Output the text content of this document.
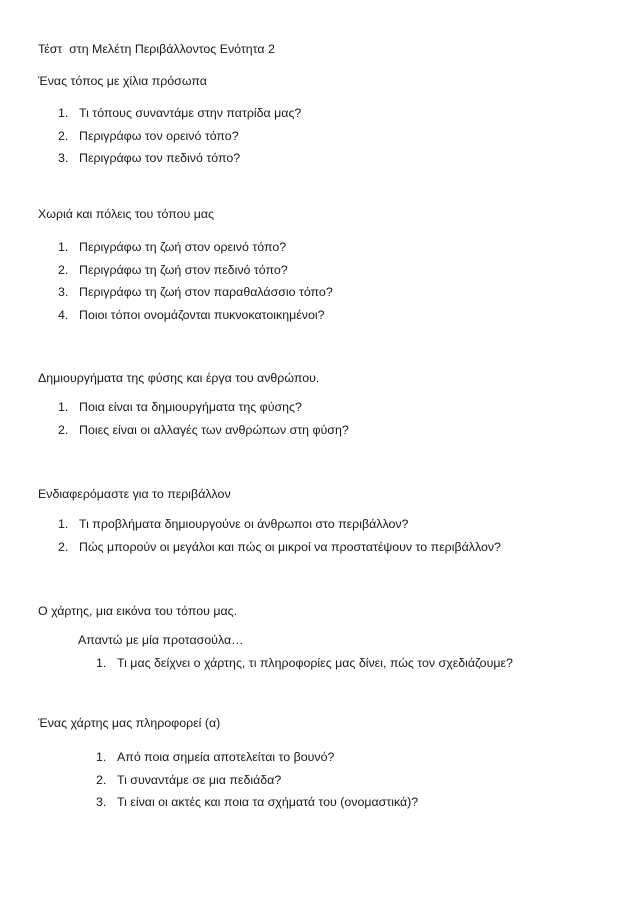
Τέστ  στη Μελέτη Περιβάλλοντος Ενότητα 2

Ένας τόπος με χίλια πρόσωπα

1. Τι τόπους συναντάμε στην πατρίδα μας?
2. Περιγράφω τον ορεινό τόπο?
3. Περιγράφω τον πεδινό τόπο?

Χωριά και πόλεις του τόπου μας

1. Περιγράφω τη ζωή στον ορεινό τόπο?
2. Περιγράφω τη ζωή στον πεδινό τόπο?
3. Περιγράφω τη ζωή στον παραθαλάσσιο τόπο?
4. Ποιοι τόποι ονομάζονται πυκνοκατοικημένοι?

Δημιουργήματα της φύσης και έργα του ανθρώπου.

1. Ποια είναι τα δημιουργήματα της φύσης?
2. Ποιες είναι οι αλλαγές των ανθρώπων στη φύση?

Ενδιαφερόμαστε για το περιβάλλον

1. Τι προβλήματα δημιουργούνε οι άνθρωποι στο περιβάλλον?
2. Πώς μπορούν οι μεγάλοι και πώς οι μικροί να προστατέψουν το περιβάλλον?

Ο χάρτης, μια εικόνα του τόπου μας.

Απαντώ με μία προτασούλα…

1. Τι μας δείχνει ο χάρτης, τι πληροφορίες μας δίνει, πώς τον σχεδιάζουμε?

Ένας χάρτης μας πληροφορεί (α)

1. Από ποια σημεία αποτελείται το βουνό?
2. Τι συναντάμε σε μια πεδιάδα?
3. Τι είναι οι ακτές και ποια τα σχήματά του (ονομαστικά)?
